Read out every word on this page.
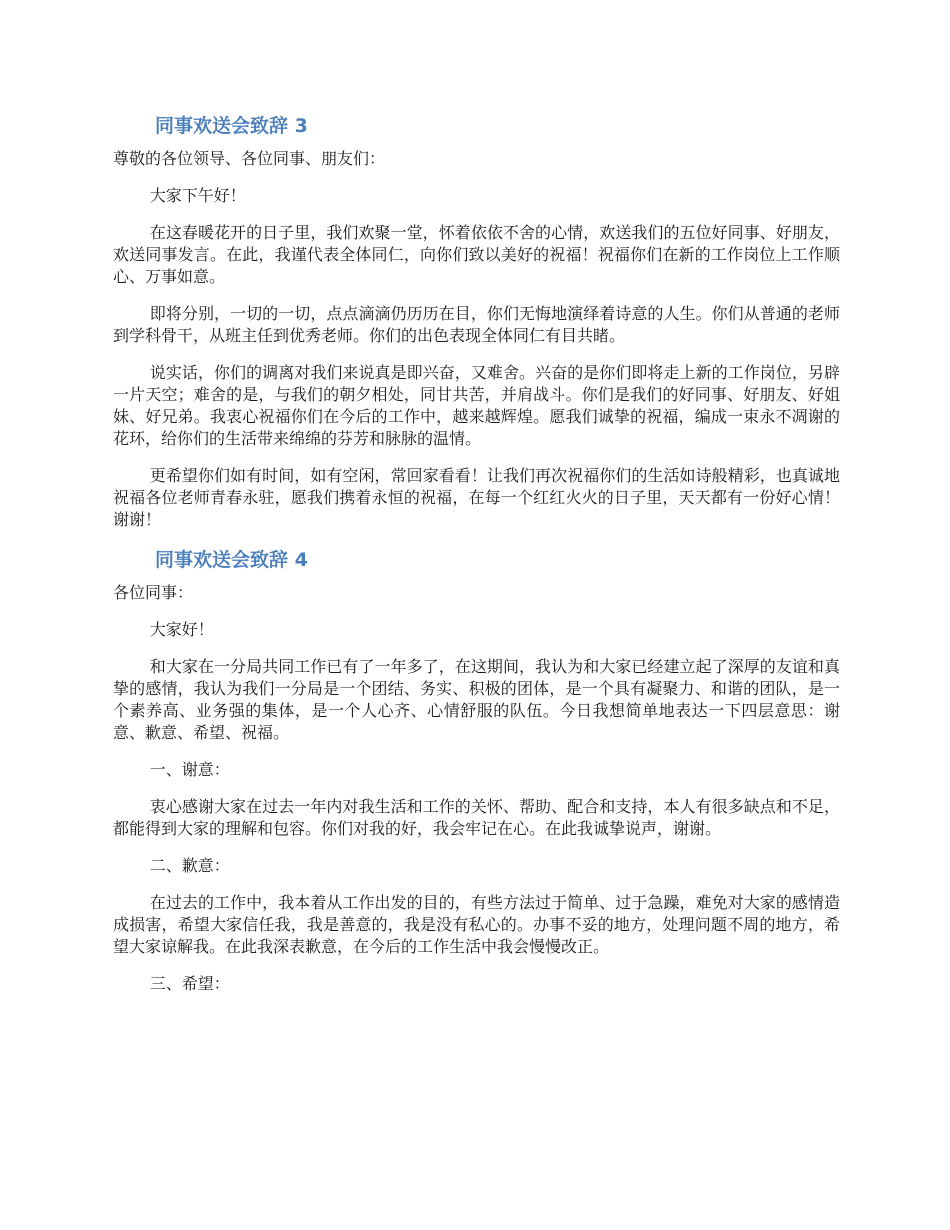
同事欢送会致辞 3

尊敬的各位领导、各位同事、朋友们：

大家下午好！

在这春暖花开的日子里，我们欢聚一堂，怀着依依不舍的心情，欢送我们的五位好同事、好朋友，欢送同事发言。在此，我谨代表全体同仁，向你们致以美好的祝福！祝福你们在新的工作岗位上工作顺心、万事如意。

即将分别，一切的一切，点点滴滴仍历历在目，你们无悔地演绎着诗意的人生。你们从普通的老师到学科骨干，从班主任到优秀老师。你们的出色表现全体同仁有目共睹。

说实话，你们的调离对我们来说真是即兴奋，又难舍。兴奋的是你们即将走上新的工作岗位，另辟一片天空；难舍的是，与我们的朝夕相处，同甘共苦，并肩战斗。你们是我们的好同事、好朋友、好姐妹、好兄弟。我衷心祝福你们在今后的工作中，越来越辉煌。愿我们诚挚的祝福，编成一束永不凋谢的花环，给你们的生活带来绵绵的芬芳和脉脉的温情。

更希望你们如有时间，如有空闲，常回家看看！让我们再次祝福你们的生活如诗般精彩，也真诚地祝福各位老师青春永驻，愿我们携着永恒的祝福，在每一个红红火火的日子里，天天都有一份好心情！谢谢！

同事欢送会致辞 4

各位同事：

大家好！

和大家在一分局共同工作已有了一年多了，在这期间，我认为和大家已经建立起了深厚的友谊和真挚的感情，我认为我们一分局是一个团结、务实、积极的团体，是一个具有凝聚力、和谐的团队，是一个素养高、业务强的集体，是一个人心齐、心情舒服的队伍。今日我想简单地表达一下四层意思：谢意、歉意、希望、祝福。

一、谢意：

衷心感谢大家在过去一年内对我生活和工作的关怀、帮助、配合和支持，本人有很多缺点和不足，都能得到大家的理解和包容。你们对我的好，我会牢记在心。在此我诚挚说声，谢谢。

二、歉意：

在过去的工作中，我本着从工作出发的目的，有些方法过于简单、过于急躁，难免对大家的感情造成损害，希望大家信任我，我是善意的，我是没有私心的。办事不妥的地方，处理问题不周的地方，希望大家谅解我。在此我深表歉意，在今后的工作生活中我会慢慢改正。

三、希望：
